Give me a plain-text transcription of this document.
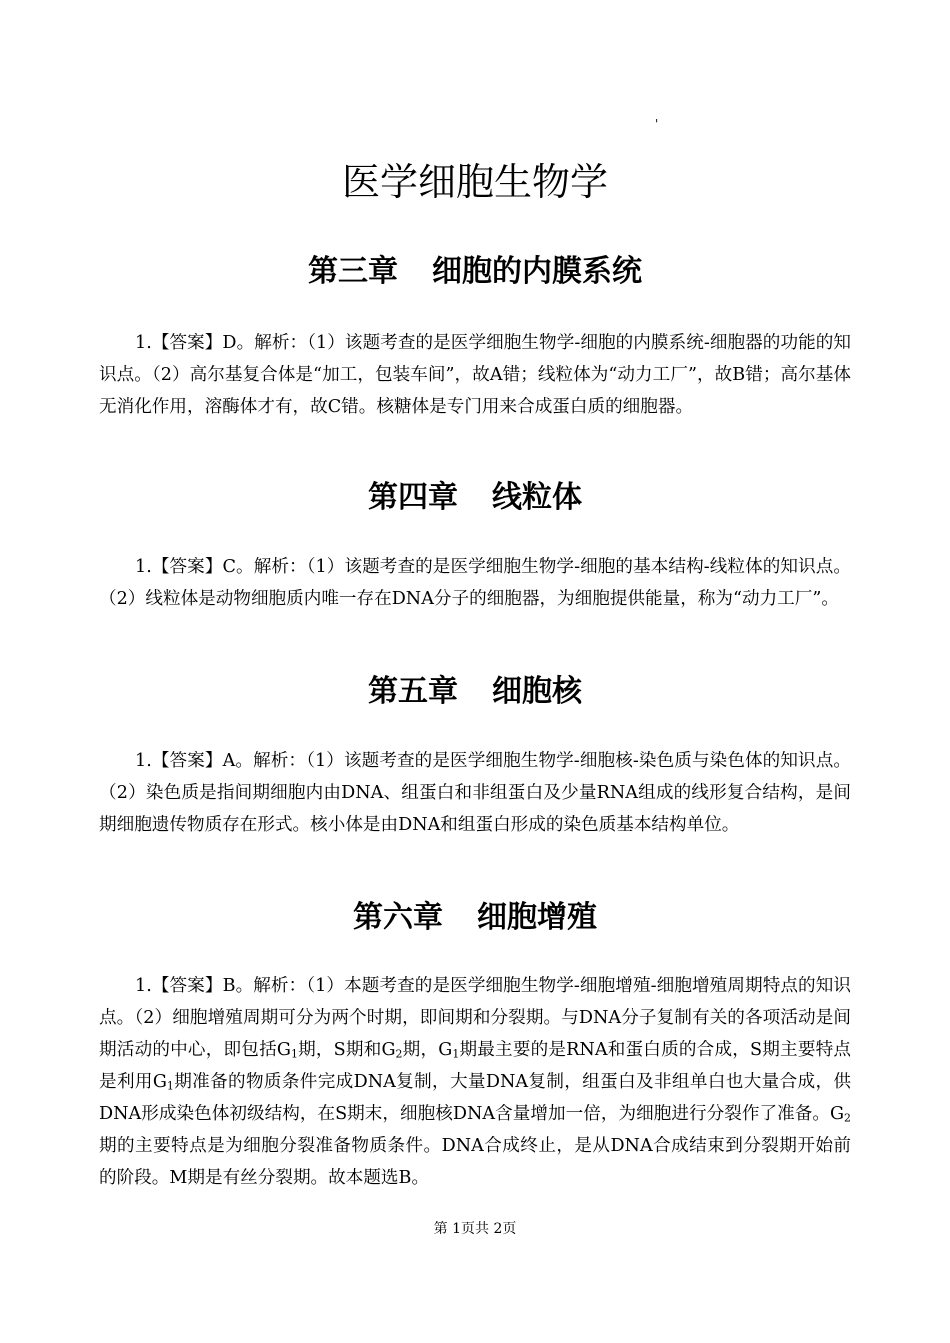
'
医学细胞生物学
第三章 细胞的内膜系统

1.【答案】D。解析：（1）该题考查的是医学细胞生物学-细胞的内膜系统-细胞器的功能的知识点。（2）高尔基复合体是“加工，包装车间”，故A错；线粒体为“动力工厂”，故B错；高尔基体无消化作用，溶酶体才有，故C错。核糖体是专门用来合成蛋白质的细胞器。

第四章 线粒体

1.【答案】C。解析：（1）该题考查的是医学细胞生物学-细胞的基本结构-线粒体的知识点。（2）线粒体是动物细胞质内唯一存在DNA分子的细胞器，为细胞提供能量，称为“动力工厂”。

第五章 细胞核

1.【答案】A。解析：（1）该题考查的是医学细胞生物学-细胞核-染色质与染色体的知识点。（2）染色质是指间期细胞内由DNA、组蛋白和非组蛋白及少量RNA组成的线形复合结构，是间期细胞遗传物质存在形式。核小体是由DNA和组蛋白形成的染色质基本结构单位。

第六章 细胞增殖

1.【答案】B。解析：（1）本题考查的是医学细胞生物学-细胞增殖-细胞增殖周期特点的知识点。（2）细胞增殖周期可分为两个时期，即间期和分裂期。与DNA分子复制有关的各项活动是间期活动的中心，即包括$G_1$期，S期和$G_2$期，$G_1$期最主要的是RNA和蛋白质的合成，S期主要特点是利用$G_1$期准备的物质条件完成DNA复制，大量DNA复制，组蛋白及非组单白也大量合成，供DNA形成染色体初级结构，在S期末，细胞核DNA含量增加一倍，为细胞进行分裂作了准备。$G_2$期的主要特点是为细胞分裂准备物质条件。DNA合成终止，是从DNA合成结束到分裂期开始前的阶段。M期是有丝分裂期。故本题选B。

第 1页共 2页
